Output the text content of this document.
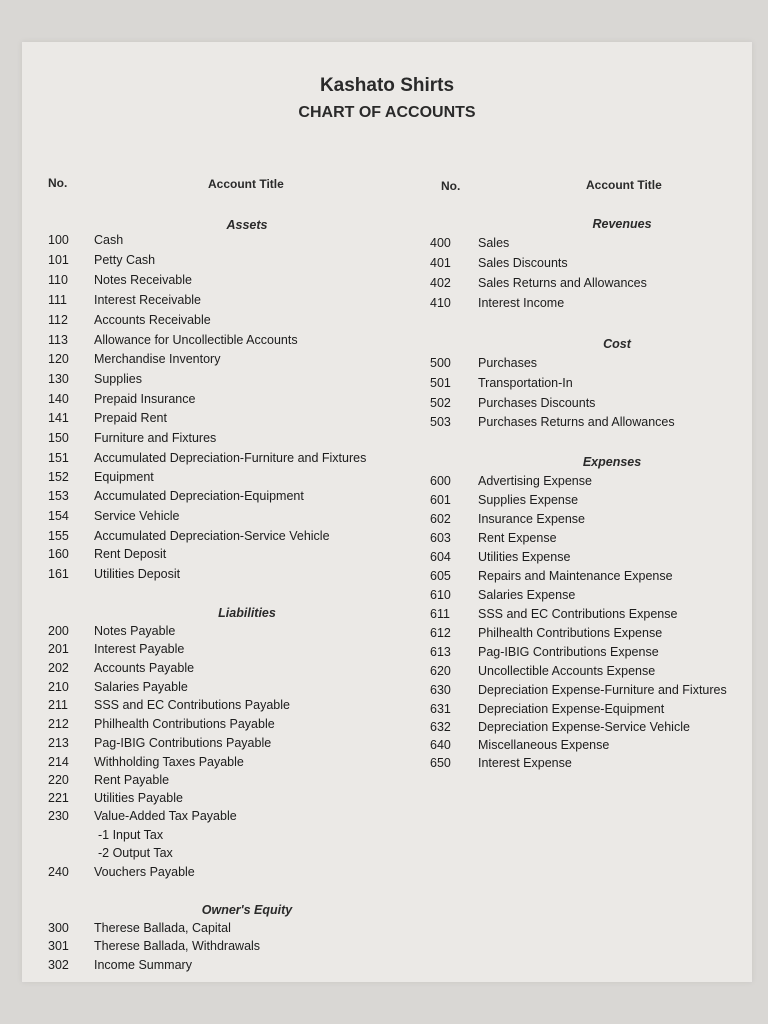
Kashato Shirts
CHART OF ACCOUNTS
No.	Account Title	No.	Account Title
Assets
100 Cash
101 Petty Cash
110 Notes Receivable
111 Interest Receivable
112 Accounts Receivable
113 Allowance for Uncollectible Accounts
120 Merchandise Inventory
130 Supplies
140 Prepaid Insurance
141 Prepaid Rent
150 Furniture and Fixtures
151 Accumulated Depreciation-Furniture and Fixtures
152 Equipment
153 Accumulated Depreciation-Equipment
154 Service Vehicle
155 Accumulated Depreciation-Service Vehicle
160 Rent Deposit
161 Utilities Deposit
Liabilities
200 Notes Payable
201 Interest Payable
202 Accounts Payable
210 Salaries Payable
211 SSS and EC Contributions Payable
212 Philhealth Contributions Payable
213 Pag-IBIG Contributions Payable
214 Withholding Taxes Payable
220 Rent Payable
221 Utilities Payable
230 Value-Added Tax Payable
-1 Input Tax
-2 Output Tax
240 Vouchers Payable
Owner's Equity
300 Therese Ballada, Capital
301 Therese Ballada, Withdrawals
302 Income Summary
Revenues
400 Sales
401 Sales Discounts
402 Sales Returns and Allowances
410 Interest Income
Cost
500 Purchases
501 Transportation-In
502 Purchases Discounts
503 Purchases Returns and Allowances
Expenses
600 Advertising Expense
601 Supplies Expense
602 Insurance Expense
603 Rent Expense
604 Utilities Expense
605 Repairs and Maintenance Expense
610 Salaries Expense
611 SSS and EC Contributions Expense
612 Philhealth Contributions Expense
613 Pag-IBIG Contributions Expense
620 Uncollectible Accounts Expense
630 Depreciation Expense-Furniture and Fixtures
631 Depreciation Expense-Equipment
632 Depreciation Expense-Service Vehicle
640 Miscellaneous Expense
650 Interest Expense
